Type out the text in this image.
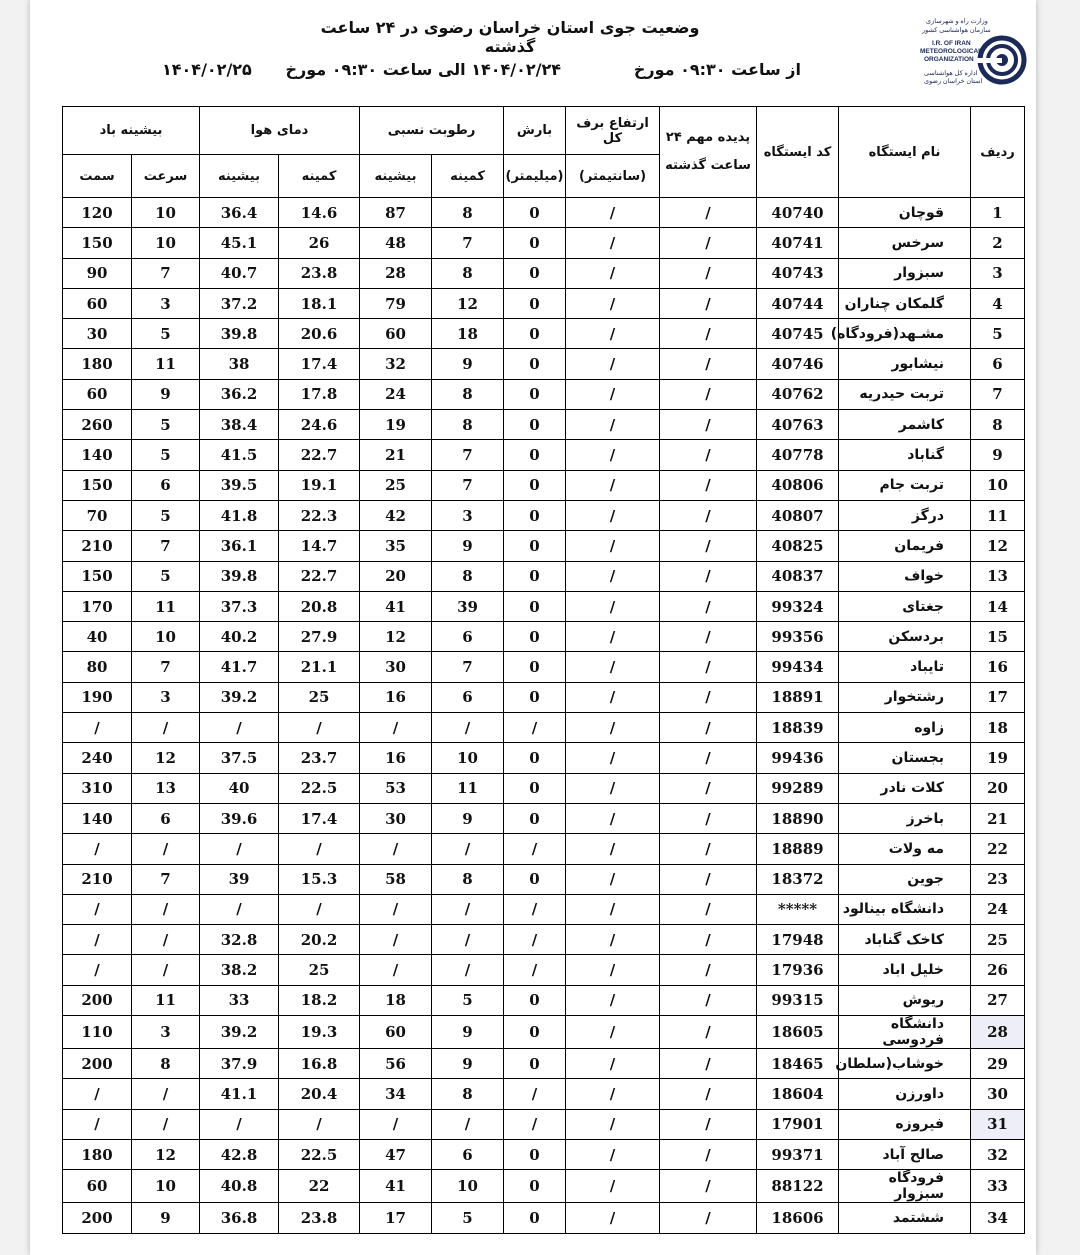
وضعیت جوی استان خراسان رضوی در ۲۴ ساعت گذشته
از ساعت ۰۹:۳۰ مورخ
۱۴۰۴/۰۲/۲۴ الی ساعت ۰۹:۳۰ مورخ
۱۴۰۴/۰۲/۲۵
وزارت راه و شهرسازی
سازمان هواشناسی کشور
I.R. OF IRAN
METEOROLOGICAL
ORGANIZATION
اداره کل هواشناسی
استان خراسان رضوی
ردیف	نام ایستگاه	کد ایستگاه	پدیده مهم ۲۴ ساعت گذشته	ارتفاع برف کل	بارش	رطوبت نسبی		دمای هوا		بیشینه باد	
				(سانتیمتر)	(میلیمتر)	کمینه	بیشینه	کمینه	بیشینه	سرعت	سمت
1	قوچان	40740	/	/	0	8	87	14.6	36.4	10	120
2	سرخس	40741	/	/	0	7	48	26	45.1	10	150
3	سبزوار	40743	/	/	0	8	28	23.8	40.7	7	90
4	گلمکان چناران	40744	/	/	0	12	79	18.1	37.2	3	60
5	مشـهد(فرودگاه)	40745	/	/	0	18	60	20.6	39.8	5	30
6	نیشابور	40746	/	/	0	9	32	17.4	38	11	180
7	تربت حیدریه	40762	/	/	0	8	24	17.8	36.2	9	60
8	کاشمر	40763	/	/	0	8	19	24.6	38.4	5	260
9	گناباد	40778	/	/	0	7	21	22.7	41.5	5	140
10	تربت جام	40806	/	/	0	7	25	19.1	39.5	6	150
11	درگز	40807	/	/	0	3	42	22.3	41.8	5	70
12	فریمان	40825	/	/	0	9	35	14.7	36.1	7	210
13	خواف	40837	/	/	0	8	20	22.7	39.8	5	150
14	جغتای	99324	/	/	0	39	41	20.8	37.3	11	170
15	بردسکن	99356	/	/	0	6	12	27.9	40.2	10	40
16	تایباد	99434	/	/	0	7	30	21.1	41.7	7	80
17	رشتخوار	18891	/	/	0	6	16	25	39.2	3	190
18	زاوه	18839	/	/	/	/	/	/	/	/	/
19	بجستان	99436	/	/	0	10	16	23.7	37.5	12	240
20	کلات نادر	99289	/	/	0	11	53	22.5	40	13	310
21	باخرز	18890	/	/	0	9	30	17.4	39.6	6	140
22	مه ولات	18889	/	/	/	/	/	/	/	/	/
23	جوین	18372	/	/	0	8	58	15.3	39	7	210
24	دانشگاه بینالود	*****	/	/	/	/	/	/	/	/	/
25	کاخک گناباد	17948	/	/	/	/	/	20.2	32.8	/	/
26	خلیل اباد	17936	/	/	/	/	/	25	38.2	/	/
27	ریوش	99315	/	/	0	5	18	18.2	33	11	200
28	دانشگاه فردوسی	18605	/	/	0	9	60	19.3	39.2	3	110
29	خوشاب(سلطان	18465	/	/	0	9	56	16.8	37.9	8	200
30	داورزن	18604	/	/	/	8	34	20.4	41.1	/	/
31	فیروزه	17901	/	/	/	/	/	/	/	/	/
32	صالح آباد	99371	/	/	0	6	47	22.5	42.8	12	180
33	فرودگاه سبزوار	88122	/	/	0	10	41	22	40.8	10	60
34	ششتمد	18606	/	/	0	5	17	23.8	36.8	9	200
